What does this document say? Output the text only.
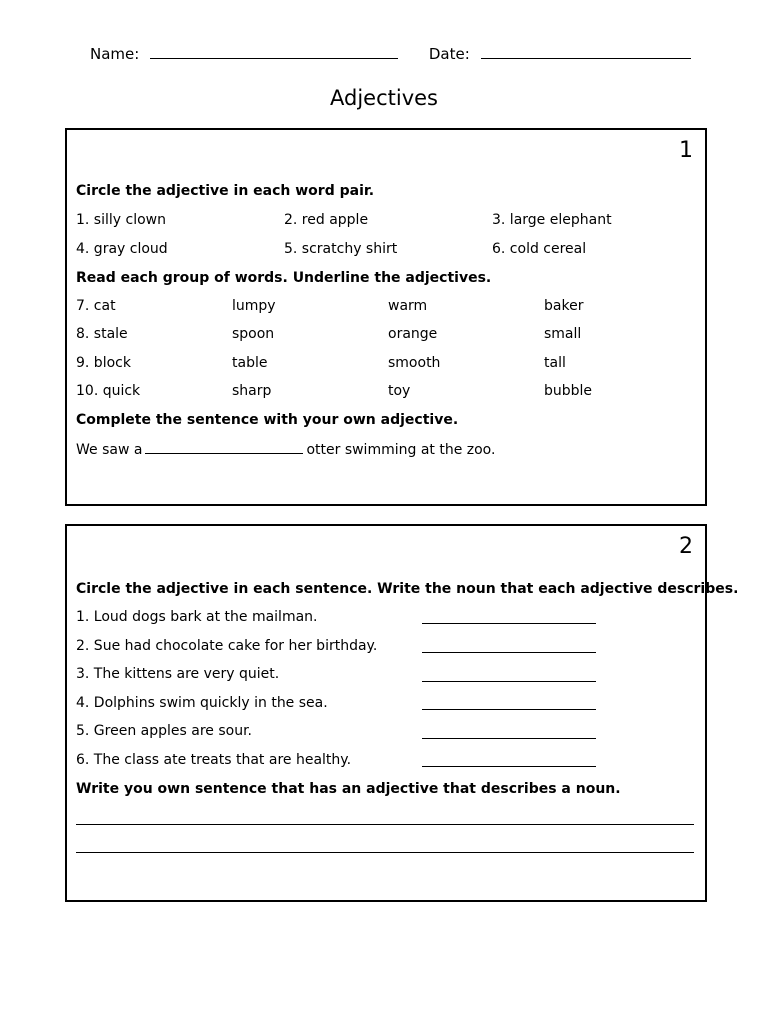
Name:	Date:
Adjectives
1
Circle the adjective in each word pair.
1. silly clown	2. red apple	3. large elephant
4. gray cloud	5. scratchy shirt	6. cold cereal
Read each group of words. Underline the adjectives.
7. cat	lumpy	warm	baker
8. stale	spoon	orange	small
9. block	table	smooth	tall
10. quick	sharp	toy	bubble
Complete the sentence with your own adjective.
We saw a	otter swimming at the zoo.
2
Circle the adjective in each sentence. Write the noun that each adjective describes.
1. Loud dogs bark at the mailman.
2. Sue had chocolate cake for her birthday.
3. The kittens are very quiet.
4. Dolphins swim quickly in the sea.
5. Green apples are sour.
6. The class ate treats that are healthy.
Write you own sentence that has an adjective that describes a noun.
